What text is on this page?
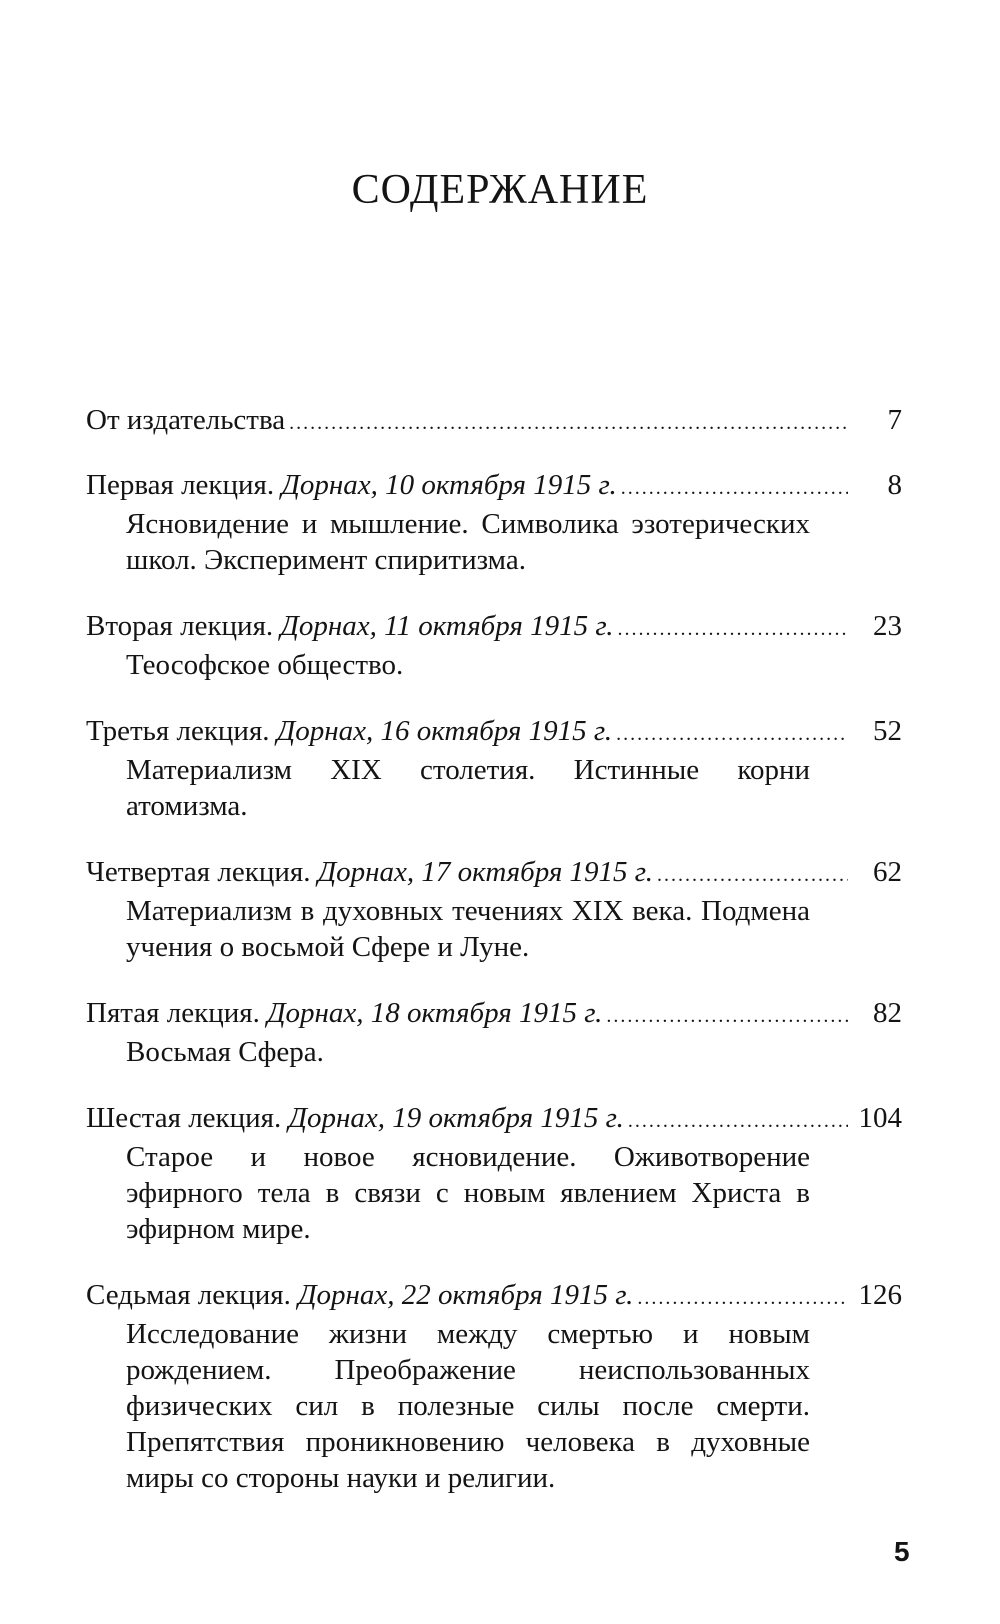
СОДЕРЖАНИЕ
От издательства .....	7
Первая лекция. Дорнах, 10 октября 1915 г. .....	8
Ясновидение и мышление. Символика эзотерических школ. Эксперимент спиритизма.
Вторая лекция. Дорнах, 11 октября 1915 г. .....	23
Теософское общество.
Третья лекция. Дорнах, 16 октября 1915 г. .....	52
Материализм XIX столетия. Истинные корни атомизма.
Четвертая лекция. Дорнах, 17 октября 1915 г. .....	62
Материализм в духовных течениях XIX века. Подмена учения о восьмой Сфере и Луне.
Пятая лекция. Дорнах, 18 октября 1915 г. .....	82
Восьмая Сфера.
Шестая лекция. Дорнах, 19 октября 1915 г. .....	104
Старое и новое ясновидение. Оживотворение эфирного тела в связи с новым явлением Христа в эфирном мире.
Седьмая лекция. Дорнах, 22 октября 1915 г. .....	126
Исследование жизни между смертью и новым рождением. Преображение неиспользованных физических сил в полезные силы после смерти. Препятствия проникновению человека в духовные миры со стороны науки и религии.
5
